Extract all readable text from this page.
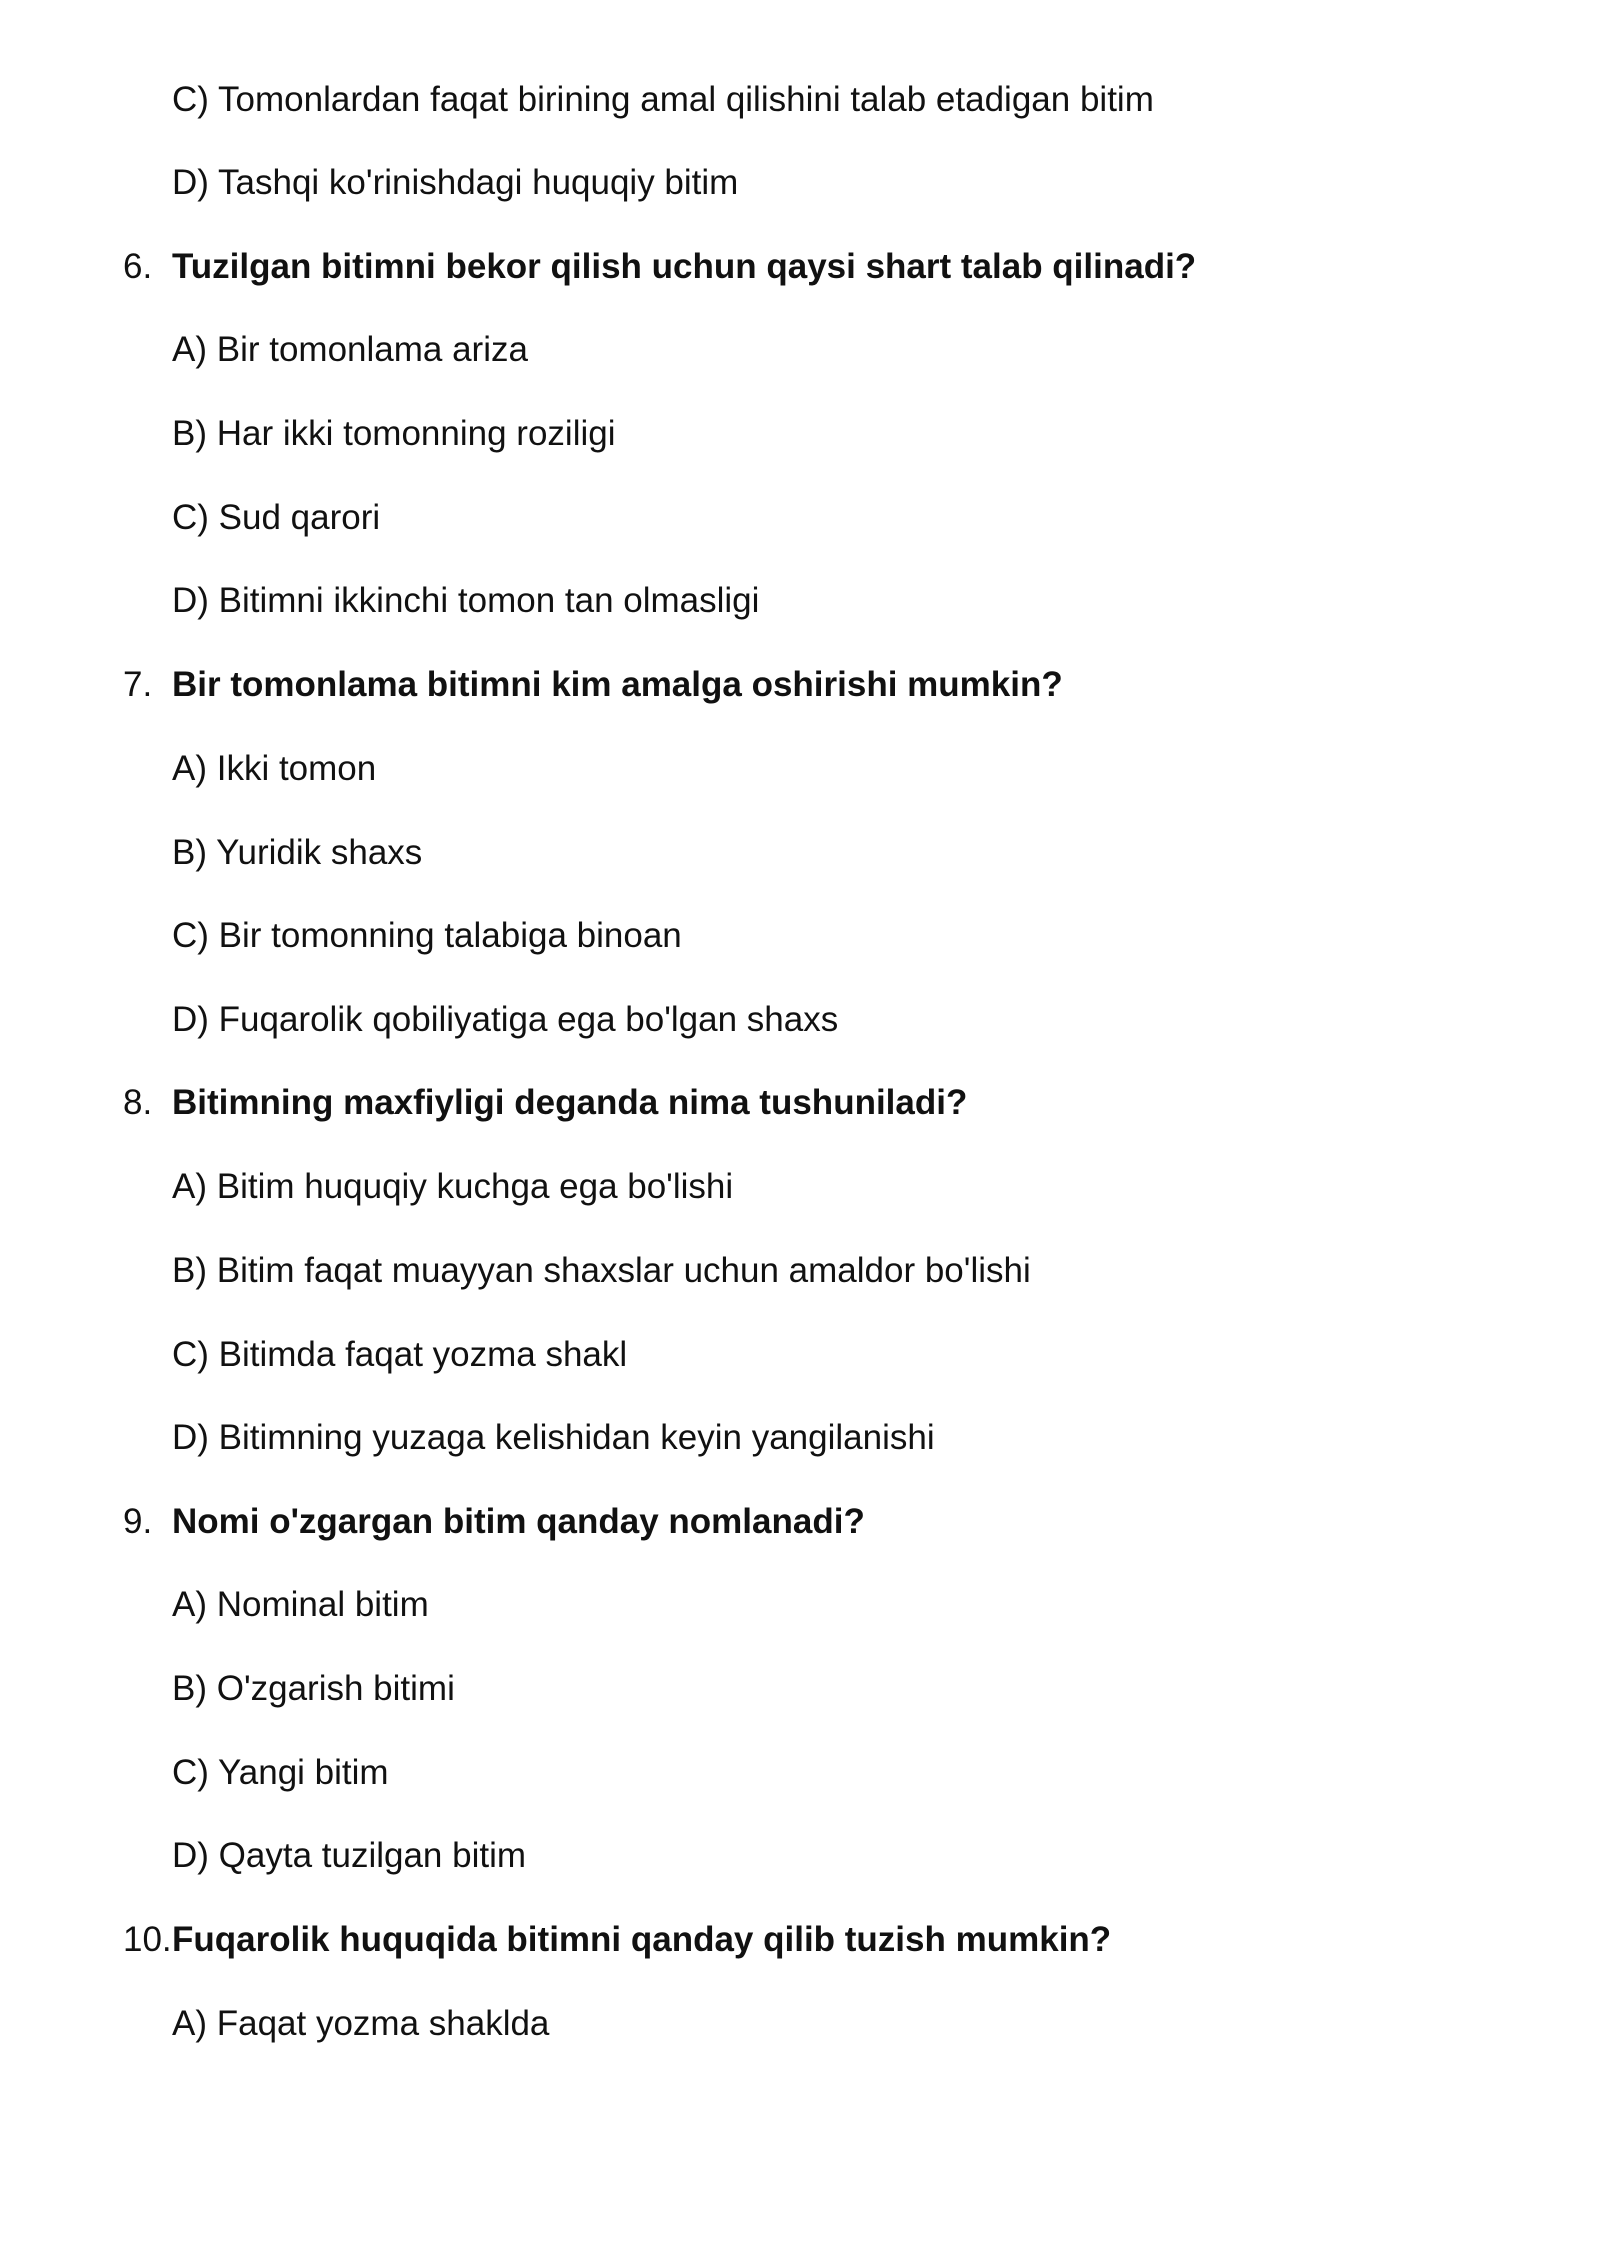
C) Tomonlardan faqat birining amal qilishini talab etadigan bitim
D) Tashqi ko'rinishdagi huquqiy bitim
6. Tuzilgan bitimni bekor qilish uchun qaysi shart talab qilinadi?
A) Bir tomonlama ariza
B) Har ikki tomonning roziligi
C) Sud qarori
D) Bitimni ikkinchi tomon tan olmasligi
7. Bir tomonlama bitimni kim amalga oshirishi mumkin?
A) Ikki tomon
B) Yuridik shaxs
C) Bir tomonning talabiga binoan
D) Fuqarolik qobiliyatiga ega bo'lgan shaxs
8. Bitimning maxfiyligi deganda nima tushuniladi?
A) Bitim huquqiy kuchga ega bo'lishi
B) Bitim faqat muayyan shaxslar uchun amaldor bo'lishi
C) Bitimda faqat yozma shakl
D) Bitimning yuzaga kelishidan keyin yangilanishi
9. Nomi o'zgargan bitim qanday nomlanadi?
A) Nominal bitim
B) O'zgarish bitimi
C) Yangi bitim
D) Qayta tuzilgan bitim
10. Fuqarolik huquqida bitimni qanday qilib tuzish mumkin?
A) Faqat yozma shaklda
